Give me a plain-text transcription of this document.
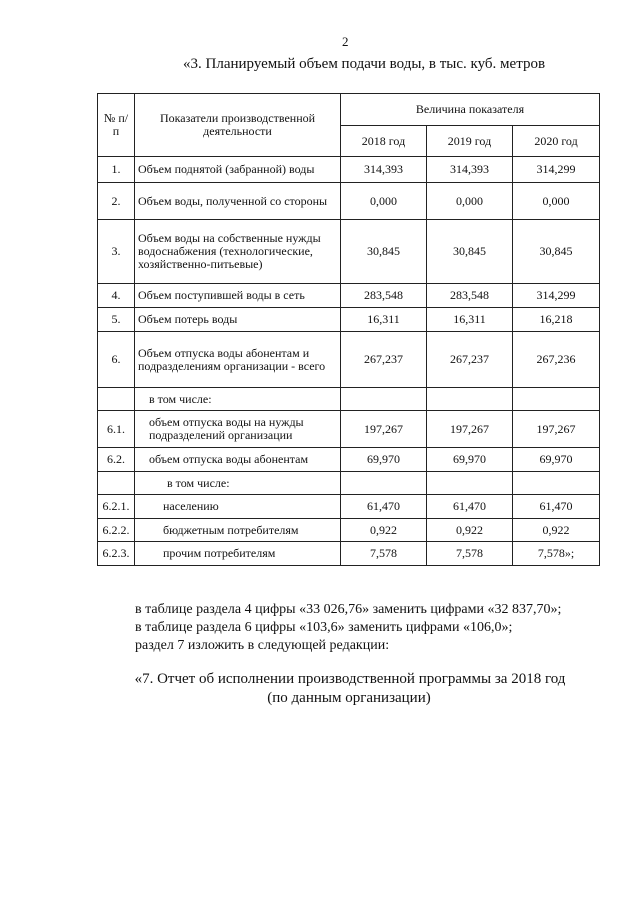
2
«3. Планируемый объем подачи воды, в тыс. куб. метров
№ п/п	Показатели производственной деятельности	Величина показателя		
		2018 год	2019 год	2020 год
1.	Объем поднятой (забранной) воды	314,393	314,393	314,299
2.	Объем воды, полученной со стороны	0,000	0,000	0,000
3.	Объем воды на собственные нужды водоснабжения (технологические, хозяйственно-питьевые)	30,845	30,845	30,845
4.	Объем поступившей воды в сеть	283,548	283,548	314,299
5.	Объем потерь воды	16,311	16,311	16,218
6.	Объем отпуска воды абонентам и подразделениям организации - всего	267,237	267,237	267,236
	в том числе:			
6.1.	объем отпуска воды на нужды подразделений организации	197,267	197,267	197,267
6.2.	объем отпуска воды абонентам	69,970	69,970	69,970
	в том числе:			
6.2.1.	населению	61,470	61,470	61,470
6.2.2.	бюджетным потребителям	0,922	0,922	0,922
6.2.3.	прочим потребителям	7,578	7,578	7,578»;
в таблице раздела 4 цифры «33 026,76» заменить цифрами «32 837,70»;
в таблице раздела 6 цифры «103,6» заменить цифрами «106,0»;
раздел 7 изложить в следующей редакции:
«7. Отчет об исполнении производственной программы за 2018 год
(по данным организации)
